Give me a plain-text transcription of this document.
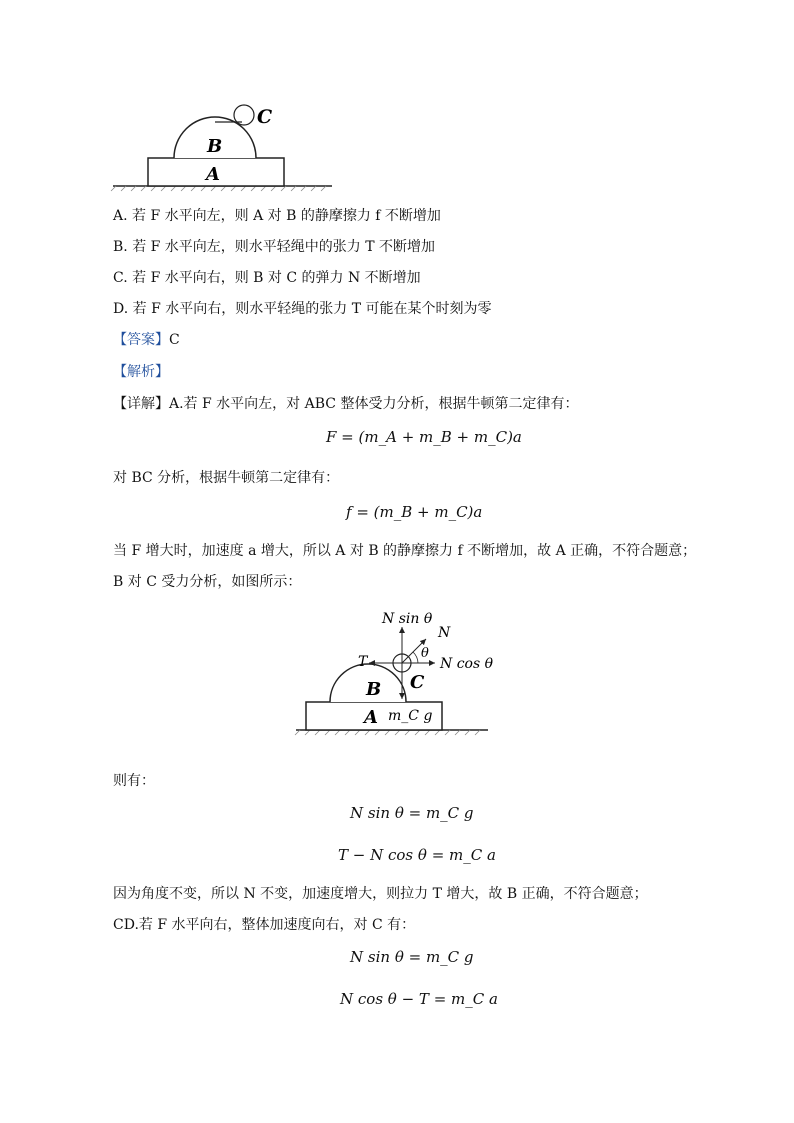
B
A
C
A. 若 F 水平向左，则 A 对 B 的静摩擦力 f 不断增加
B. 若 F 水平向左，则水平轻绳中的张力 T 不断增加
C. 若 F 水平向右，则 B 对 C 的弹力 N 不断增加
D. 若 F 水平向右，则水平轻绳的张力 T 可能在某个时刻为零
【答案】C
【解析】
【详解】A.若 F 水平向左，对 ABC 整体受力分析，根据牛顿第二定律有：
F = (m_A + m_B + m_C)a
对 BC 分析，根据牛顿第二定律有：
f = (m_B + m_C)a
当 F 增大时，加速度 a 增大，所以 A 对 B 的静摩擦力 f 不断增加，故 A 正确，不符合题意；
B 对 C 受力分析，如图所示：
N sin θ
N
θ
T	N cos θ
B C
A m_C g
则有：
N sin θ = m_C g
T − N cos θ = m_C a
因为角度不变，所以 N 不变，加速度增大，则拉力 T 增大，故 B 正确，不符合题意；
CD.若 F 水平向右，整体加速度向右，对 C 有：
N sin θ = m_C g
N cos θ − T = m_C a
